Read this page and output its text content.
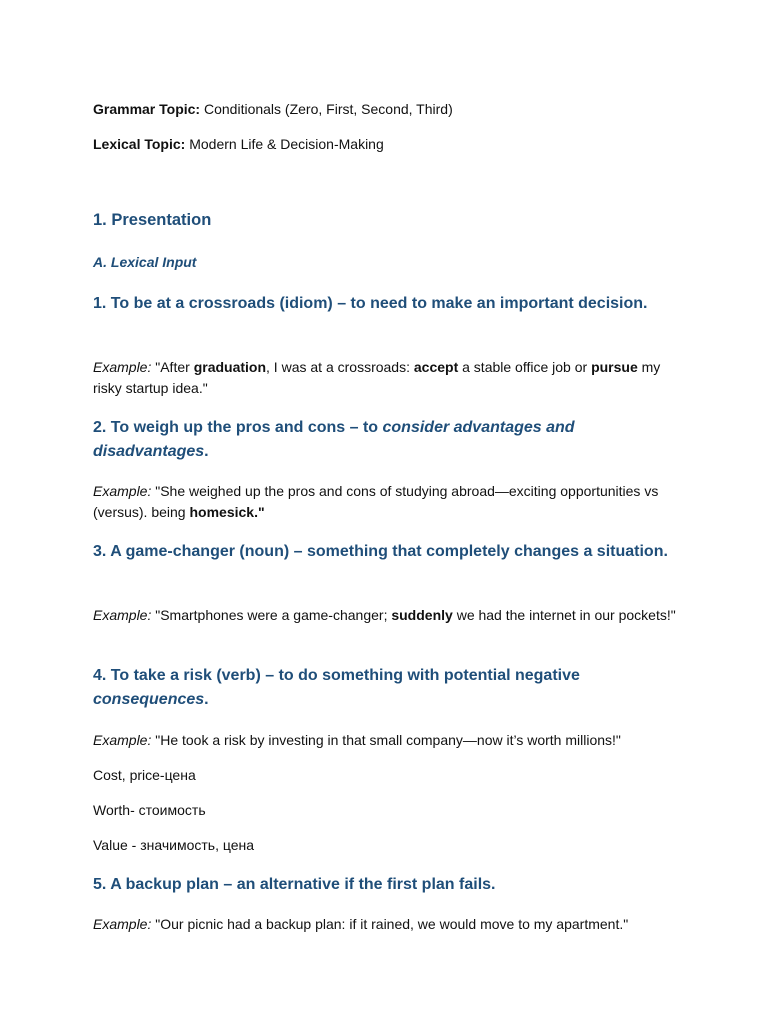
Grammar Topic: Conditionals (Zero, First, Second, Third)

Lexical Topic: Modern Life & Decision-Making

1. Presentation
A. Lexical Input
1. To be at a crossroads (idiom) – to need to make an important decision.

Example: "After graduation, I was at a crossroads: accept a stable office job or pursue my risky startup idea."

2. To weigh up the pros and cons – to consider advantages and disadvantages.

Example: "She weighed up the pros and cons of studying abroad—exciting opportunities vs (versus). being homesick."

3. A game-changer (noun) – something that completely changes a situation.

Example: "Smartphones were a game-changer; suddenly we had the internet in our pockets!"

4. To take a risk (verb) – to do something with potential negative consequences.

Example: "He took a risk by investing in that small company—now it’s worth millions!"

Cost, price-цена

Worth- стоимость

Value - значимость, цена

5. A backup plan – an alternative if the first plan fails.

Example: "Our picnic had a backup plan: if it rained, we would move to my apartment."
